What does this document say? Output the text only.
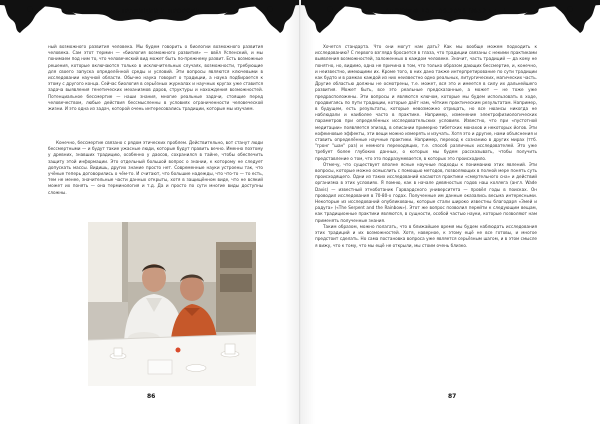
ТРАДИЦИИ И ПРОРОКИ

ный возможного развития человека. Мы будем говорить о биологии возможного развития человека. Сам этот термин — «биология возможного развития» — ввёл Успенский, и мы понимаем под ним то, что человеческий вид может быть по-прежнему развит. Есть возможные решения, которые включаются только в исключительных случаях, возможности, требующие для своего запуска определённой среды и условий. Эти вопросы являются ключевыми в исследовании научной области. Обычно наука говорит о традиции, а наука подбирается к этому с другого конца. Сейчас биология в серьёзных журналах и научных кругах уже ставится задача выявления генетических механизмов даров, структуры и нахождения возможностей. Потенциальное бессмертие — наши знания, многие реальные задачи, стоящие перед человечеством, любые действия бессмысленны в условиях ограниченности человеческой жизни. И это одна из задач, которой очень интересовались традиции, которые мы изучаем.

Конечно, бессмертие связано с рядом этических проблем. Действительно, вот станут люди бессмертными — и будут такие ужасные люди, которые будут править вечно. Именно поэтому у древних, знавших традицию, особенно у даосов, сохранился в тайне, чтобы обеспечить защиту этой информации. Это отдельный большой вопрос о знании, к которому не следует допускать массы. Видишь, других знание просто нет. Современные науки устроены так, что учёные теперь договорились о чём-то. И считают, что большие надежды, что что-то — то есть, тем не менее, значительные части данных открыты, хотя в защищённом виде, что не всякий может их понять — она терминология и т.д. Да и просто по сути многие виды доступны сложны.

86
АПОКРИФ-107: 09.2016 (№52 изд.)

Хочется стандарта. Что они могут нам дать? Как мы вообще можем подходить к исследованию? С первого взгляда бросается в глаза, что традиции связаны с некими практиками выявления возможностей, заложенных в каждом человеке. Значит, часть традиций — да кому не понятно, но, видимо, одна не причина в том, что только образом дающих бессмертие, и, конечно, и неизвестно, имеющими их. Кроме того, в них дано также интерпретирование по сути традиции как будто и в рамках каждой из них неизвестно одно реальных, литургических, магических часть. Другие областью должны не осмотрены, т.е. может, вся это и имеется в силу их дальнейшего развития. Может быть, все это реальные предсказанные, а может — не тоже уже предрасположены. Эти вопросы и являются ключом, которые мы будем использовать в ходе, продвигаясь по пути традиции, которые даёт нам, чётким практическим результатам. Например, в будущем, есть результаты, которые невозможно отрицать, но все нюансы никогда не наблюдали и наиболее часто в практике. Например, изменение электрофизиологических параметров при определённых исследовательских условиях. Известно, что при «пустотной медитации» появляется эпизод, в описании примерно тибетских монахов и некоторых йогов. Эти кофеиновые эффекты, эти вещи можно измерять и изучать. Хотя это и другие, нами объяснения и ставить определённые научные практики. Например, переход к сознанию в других мирах (ттб. "гронг "шан" раз) и немного переходящих, т.е. способ различных исследователей. Это уже требует более глубоких данных, о которых мы будем рассказывать, чтобы получить представление о том, что это подразумевается, в которых это происходило.

Отмечу, что существует вполне ясные научные подходы к пониманию этих явлений. Эти вопросы, которые можно осмыслить с помощью методов, позволяющих в полной мере понять суть происходящего. Одни из таких исследований касаются практики «смертельного сна» и действий организма в этих условиях. Я помню, как в начале девяностых годов наш коллега (англ. Wade Davis) — известный этноботаник Гарвардского университета — провёл годы в поисках. Он проводил исследования в 70-80-х годах. Полученные им данные оказались весьма интересными. Некоторые из исследований опубликованы, которые стали широко известны благодаря «Змей и радуга» («The Serpent and the Rainbow»). Этот же вопрос позволил перейти к следующим вещам, как традиционные практики являются, в сущности, особой частью науки, которые позволяют нам применять полученные знания.

Таким образом, можно полагать, что в ближайшее время мы будем наблюдать исследования этих традиций и их возможностей. Хотя, наверное, к этому ещё не все готовы, и многое предстоит сделать. Но сама постановка вопроса уже является серьёзным шагом, и в этом смысле я вижу, что к тому, что мы ещё не открыли, мы стоим очень близко.

87
